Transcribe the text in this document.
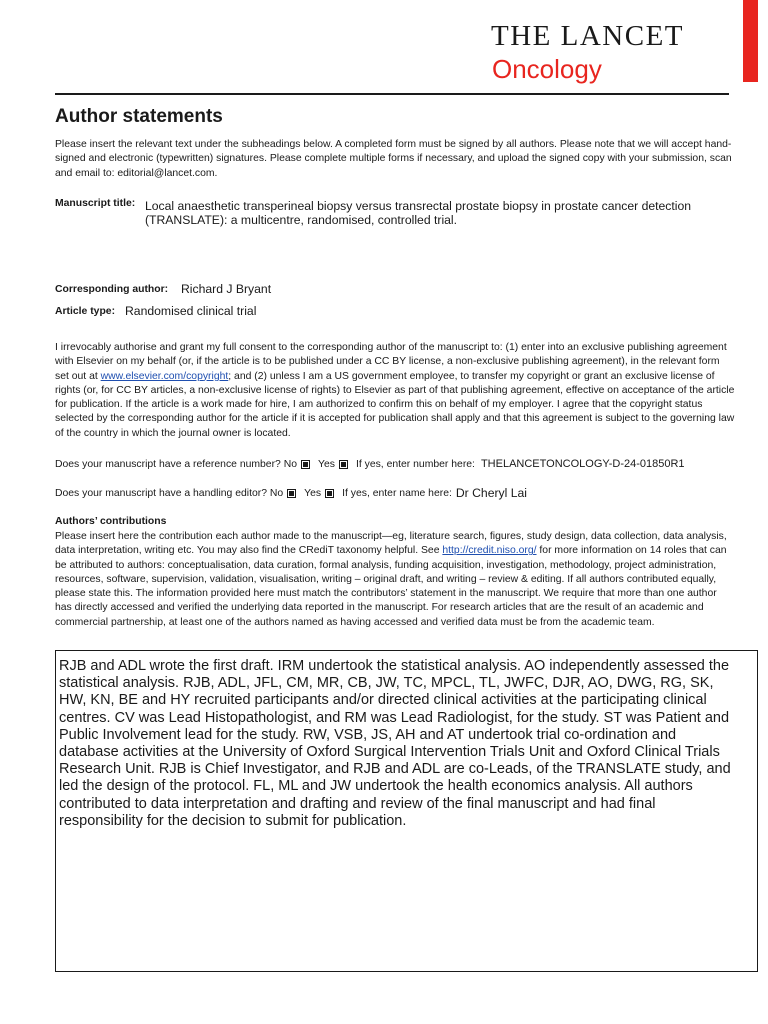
THE LANCET
Oncology
Author statements
Please insert the relevant text under the subheadings below. A completed form must be signed by all authors. Please note that we will accept hand-signed and electronic (typewritten) signatures. Please complete multiple forms if necessary, and upload the signed copy with your submission, scan and email to: editorial@lancet.com.
Manuscript title: Local anaesthetic transperineal biopsy versus transrectal prostate biopsy in prostate cancer detection (TRANSLATE): a multicentre, randomised, controlled trial.
Corresponding author: Richard J Bryant
Article type: Randomised clinical trial
I irrevocably authorise and grant my full consent to the corresponding author of the manuscript to: (1) enter into an exclusive publishing agreement with Elsevier on my behalf (or, if the article is to be published under a CC BY license, a non-exclusive publishing agreement), in the relevant form set out at www.elsevier.com/copyright; and (2) unless I am a US government employee, to transfer my copyright or grant an exclusive license of rights (or, for CC BY articles, a non-exclusive license of rights) to Elsevier as part of that publishing agreement, effective on acceptance of the article for publication. If the article is a work made for hire, I am authorized to confirm this on behalf of my employer. I agree that the copyright status selected by the corresponding author for the article if it is accepted for publication shall apply and that this agreement is subject to the governing law of the country in which the journal owner is located.
Does your manuscript have a reference number?
No Yes If yes, enter number here: THELANCETONCOLOGY-D-24-01850R1
Does your manuscript have a handling editor?
No Yes If yes, enter name here: Dr Cheryl Lai
Authors’ contributions
Please insert here the contribution each author made to the manuscript—eg, literature search, figures, study design, data collection, data analysis, data interpretation, writing etc. You may also find the CRediT taxonomy helpful. See http://credit.niso.org/ for more information on 14 roles that can be attributed to authors: conceptualisation, data curation, formal analysis, funding acquisition, investigation, methodology, project administration, resources, software, supervision, validation, visualisation, writing – original draft, and writing – review & editing. If all authors contributed equally, please state this. The information provided here must match the contributors’ statement in the manuscript. We require that more than one author has directly accessed and verified the underlying data reported in the manuscript. For research articles that are the result of an academic and commercial partnership, at least one of the authors named as having accessed and verified data must be from the academic team.
RJB and ADL wrote the first draft. IRM undertook the statistical analysis. AO independently assessed the statistical analysis. RJB, ADL, JFL, CM, MR, CB, JW, TC, MPCL, TL, JWFC, DJR, AO, DWG, RG, SK, HW, KN, BE and HY recruited participants and/or directed clinical activities at the participating clinical centres. CV was Lead Histopathologist, and RM was Lead Radiologist, for the study. ST was Patient and Public Involvement lead for the study. RW, VSB, JS, AH and AT undertook trial co-ordination and database activities at the University of Oxford Surgical Intervention Trials Unit and Oxford Clinical Trials Research Unit. RJB is Chief Investigator, and RJB and ADL are co-Leads, of the TRANSLATE study, and led the design of the protocol. FL, ML and JW undertook the health economics analysis. All authors contributed to data interpretation and drafting and review of the final manuscript and had final responsibility for the decision to submit for publication.
